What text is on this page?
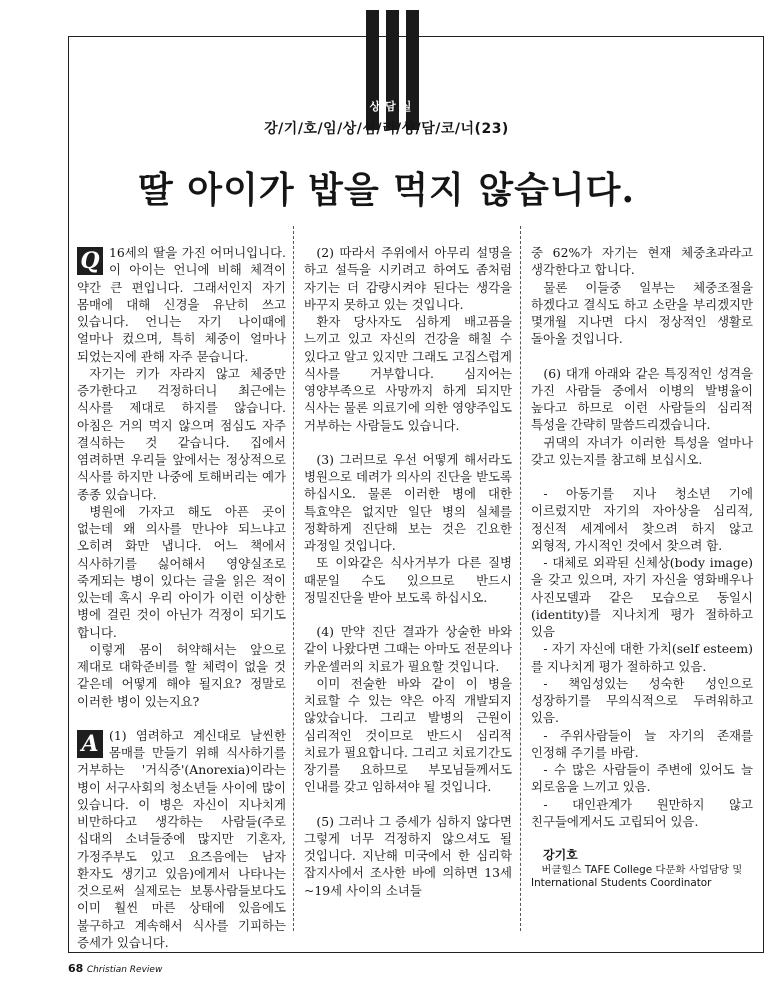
상담실
강/기/호/임/상/심/리/상/담/코/너(23)
딸 아이가 밥을 먹지 않습니다.
Q 16세의 딸을 가진 어머니입니다. 이 아이는 언니에 비해 체격이 약간 큰 편입니다. 그래서인지 자기 몸매에 대해 신경을 유난히 쓰고 있습니다. 언니는 자기 나이때에 얼마나 컸으며, 특히 체중이 얼마나 되었는지에 관해 자주 묻습니다.

자기는 키가 자라지 않고 체중만 증가한다고 걱정하더니 최근에는 식사를 제대로 하지를 않습니다. 아침은 거의 먹지 않으며 점심도 자주 결식하는 것 같습니다. 집에서 염려하면 우리들 앞에서는 정상적으로 식사를 하지만 나중에 토해버리는 예가 종종 있습니다.

병원에 가자고 해도 아픈 곳이 없는데 왜 의사를 만나야 되느냐고 오히려 화만 냅니다. 어느 책에서 식사하기를 싫어해서 영양실조로 죽게되는 병이 있다는 글을 읽은 적이 있는데 혹시 우리 아이가 이런 이상한 병에 걸린 것이 아닌가 걱정이 되기도 합니다.

이렇게 몸이 허약해서는 앞으로 제대로 대학준비를 할 체력이 없을 것 같은데 어떻게 해야 될지요? 정말로 이러한 병이 있는지요?

A (1) 염려하고 계신대로 날씬한 몸매를 만들기 위해 식사하기를 거부하는 '거식증'(Anorexia)이라는 병이 서구사회의 청소년들 사이에 많이 있습니다. 이 병은 자신이 지나치게 비만하다고 생각하는 사람들(주로 십대의 소녀들중에 많지만 기혼자, 가정주부도 있고 요즈음에는 남자 환자도 생기고 있음)에게서 나타나는 것으로써 실제로는 보통사람들보다도 이미 훨씬 마른 상태에 있음에도 불구하고 계속해서 식사를 기피하는 증세가 있습니다.

(2) 따라서 주위에서 아무리 설명을 하고 설득을 시키려고 하여도 좀처럼 자기는 더 감량시켜야 된다는 생각을 바꾸지 못하고 있는 것입니다.

환자 당사자도 심하게 배고픔을 느끼고 있고 자신의 건강을 해칠 수 있다고 알고 있지만 그래도 고집스럽게 식사를 거부합니다. 심지어는 영양부족으로 사망까지 하게 되지만 식사는 물론 의료기에 의한 영양주입도 거부하는 사람들도 있습니다.

(3) 그러므로 우선 어떻게 해서라도 병원으로 데려가 의사의 진단을 받도록 하십시오. 물론 이러한 병에 대한 특효약은 없지만 일단 병의 실체를 정확하게 진단해 보는 것은 긴요한 과정일 것입니다.

또 이와같은 식사거부가 다른 질병 때문일 수도 있으므로 반드시 정밀진단을 받아 보도록 하십시오.

(4) 만약 진단 결과가 상술한 바와 같이 나왔다면 그때는 아마도 전문의나 카운셀러의 치료가 필요할 것입니다.

이미 전술한 바와 같이 이 병을 치료할 수 있는 약은 아직 개발되지 않았습니다. 그리고 발병의 근원이 심리적인 것이므로 반드시 심리적 치료가 필요합니다. 그리고 치료기간도 장기를 요하므로 부모님들께서도 인내를 갖고 임하셔야 될 것입니다.

(5) 그러나 그 증세가 심하지 않다면 그렇게 너무 걱정하지 않으셔도 될 것입니다. 지난해 미국에서 한 심리학 잡지사에서 조사한 바에 의하면 13세~19세 사이의 소녀들

중 62%가 자기는 현재 체중초과라고 생각한다고 합니다.

물론 이들중 일부는 체중조절을 하겠다고 결식도 하고 소란을 부리겠지만 몇개월 지나면 다시 정상적인 생활로 돌아올 것입니다.

(6) 대개 아래와 같은 특징적인 성격을 가진 사람들 중에서 이병의 발병율이 높다고 하므로 이런 사람들의 심리적 특성을 간략히 말씀드리겠습니다.

귀댁의 자녀가 이러한 특성을 얼마나 갖고 있는지를 참고해 보십시오.

- 아동기를 지나 청소년 기에 이르렀지만 자기의 자아상을 심리적, 정신적 세계에서 찾으려 하지 않고 외형적, 가시적인 것에서 찾으려 함.

- 대체로 외곽된 신체상(body image)을 갖고 있으며, 자기 자신을 영화배우나 사진모델과 같은 모습으로 동일시(identity)를 지나치게 평가 절하하고 있음

- 자기 자신에 대한 가치(self esteem)를 지나치게 평가 절하하고 있음.

- 책임성있는 성숙한 성인으로 성장하기를 무의식적으로 두려워하고 있음.

- 주위사람들이 늘 자기의 존재를 인정해 주기를 바람.

- 수 많은 사람들이 주변에 있어도 늘 외로움을 느끼고 있음.

- 대인관계가 원만하지 않고 친구들에게서도 고립되어 있음.

강기호

버클힐스 TAFE College 다문화 사업담당 및 International Students Coordinator

68 Christian Review
